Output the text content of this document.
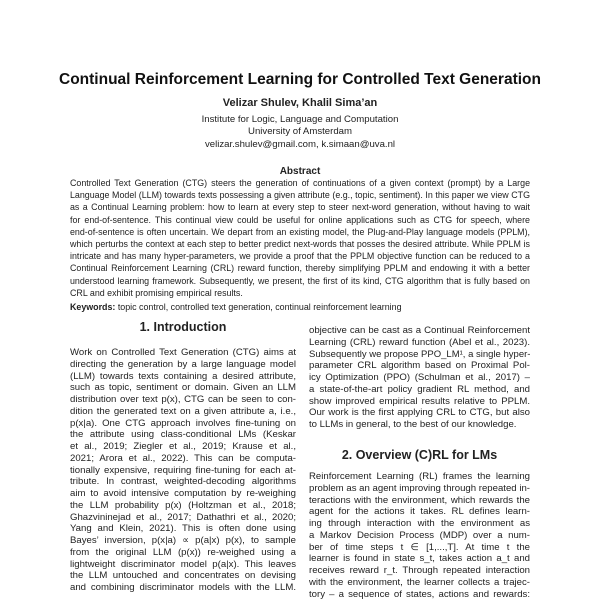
Continual Reinforcement Learning for Controlled Text Generation
Velizar Shulev, Khalil Sima’an
Institute for Logic, Language and Computation
University of Amsterdam
velizar.shulev@gmail.com, k.simaan@uva.nl
Abstract
Controlled Text Generation (CTG) steers the generation of continuations of a given context (prompt) by a Large
Language Model (LLM) towards texts possessing a given attribute (e.g., topic, sentiment). In this paper we view CTG
as a Continual Learning problem: how to learn at every step to steer next-word generation, without having to wait
for end-of-sentence. This continual view could be useful for online applications such as CTG for speech, where
end-of-sentence is often uncertain. We depart from an existing model, the Plug-and-Play language models (PPLM),
which perturbs the context at each step to better predict next-words that posses the desired attribute. While PPLM is
intricate and has many hyper-parameters, we provide a proof that the PPLM objective function can be reduced to a
Continual Reinforcement Learning (CRL) reward function, thereby simplifying PPLM and endowing it with a better
understood learning framework. Subsequently, we present, the first of its kind, CTG algorithm that is fully based on
CRL and exhibit promising empirical results.
Keywords: topic control, controlled text generation, continual reinforcement learning
1. Introduction
Work on Controlled Text Generation (CTG) aims at
directing the generation by a large language model
(LLM) towards texts containing a desired attribute,
such as topic, sentiment or domain. Given an LLM
distribution over text p(x), CTG can be seen to con-
dition the generated text on a given attribute a, i.e.,
p(x|a). One CTG approach involves fine-tuning on
the attribute using class-conditional LMs (Keskar
et al., 2019; Ziegler et al., 2019; Krause et al.,
2021; Arora et al., 2022). This can be computa-
tionally expensive, requiring fine-tuning for each at-
tribute. In contrast, weighted-decoding algorithms
aim to avoid intensive computation by re-weighing
the LLM probability p(x) (Holtzman et al., 2018;
Ghazvininejad et al., 2017; Dathathri et al., 2020;
Yang and Klein, 2021). This is often done using
Bayes’ inversion, p(x|a) ∝ p(a|x) p(x), to sample
from the original LLM (p(x)) re-weighed using a
lightweight discriminator model p(a|x). This leaves
the LLM untouched and concentrates on devising
and combining discriminator models with the LLM.
objective can be cast as a Continual Reinforcement
Learning (CRL) reward function (Abel et al., 2023).
Subsequently we propose PPO_LM¹, a single hyper-
parameter CRL algorithm based on Proximal Pol-
icy Optimization (PPO) (Schulman et al., 2017) –
a state-of-the-art policy gradient RL method, and
show improved empirical results relative to PPLM.
Our work is the first applying CRL to CTG, but also
to LLMs in general, to the best of our knowledge.
2. Overview (C)RL for LMs
Reinforcement Learning (RL) frames the learning
problem as an agent improving through repeated in-
teractions with the environment, which rewards the
agent for the actions it takes. RL defines learn-
ing through interaction with the environment as
a Markov Decision Process (MDP) over a num-
ber of time steps t ∈ [1,...,T]. At time t the
learner is found in state s_t, takes action a_t and
receives reward r_t. Through repeated interaction
with the environment, the learner collects a trajec-
tory – a sequence of states, actions and rewards:
